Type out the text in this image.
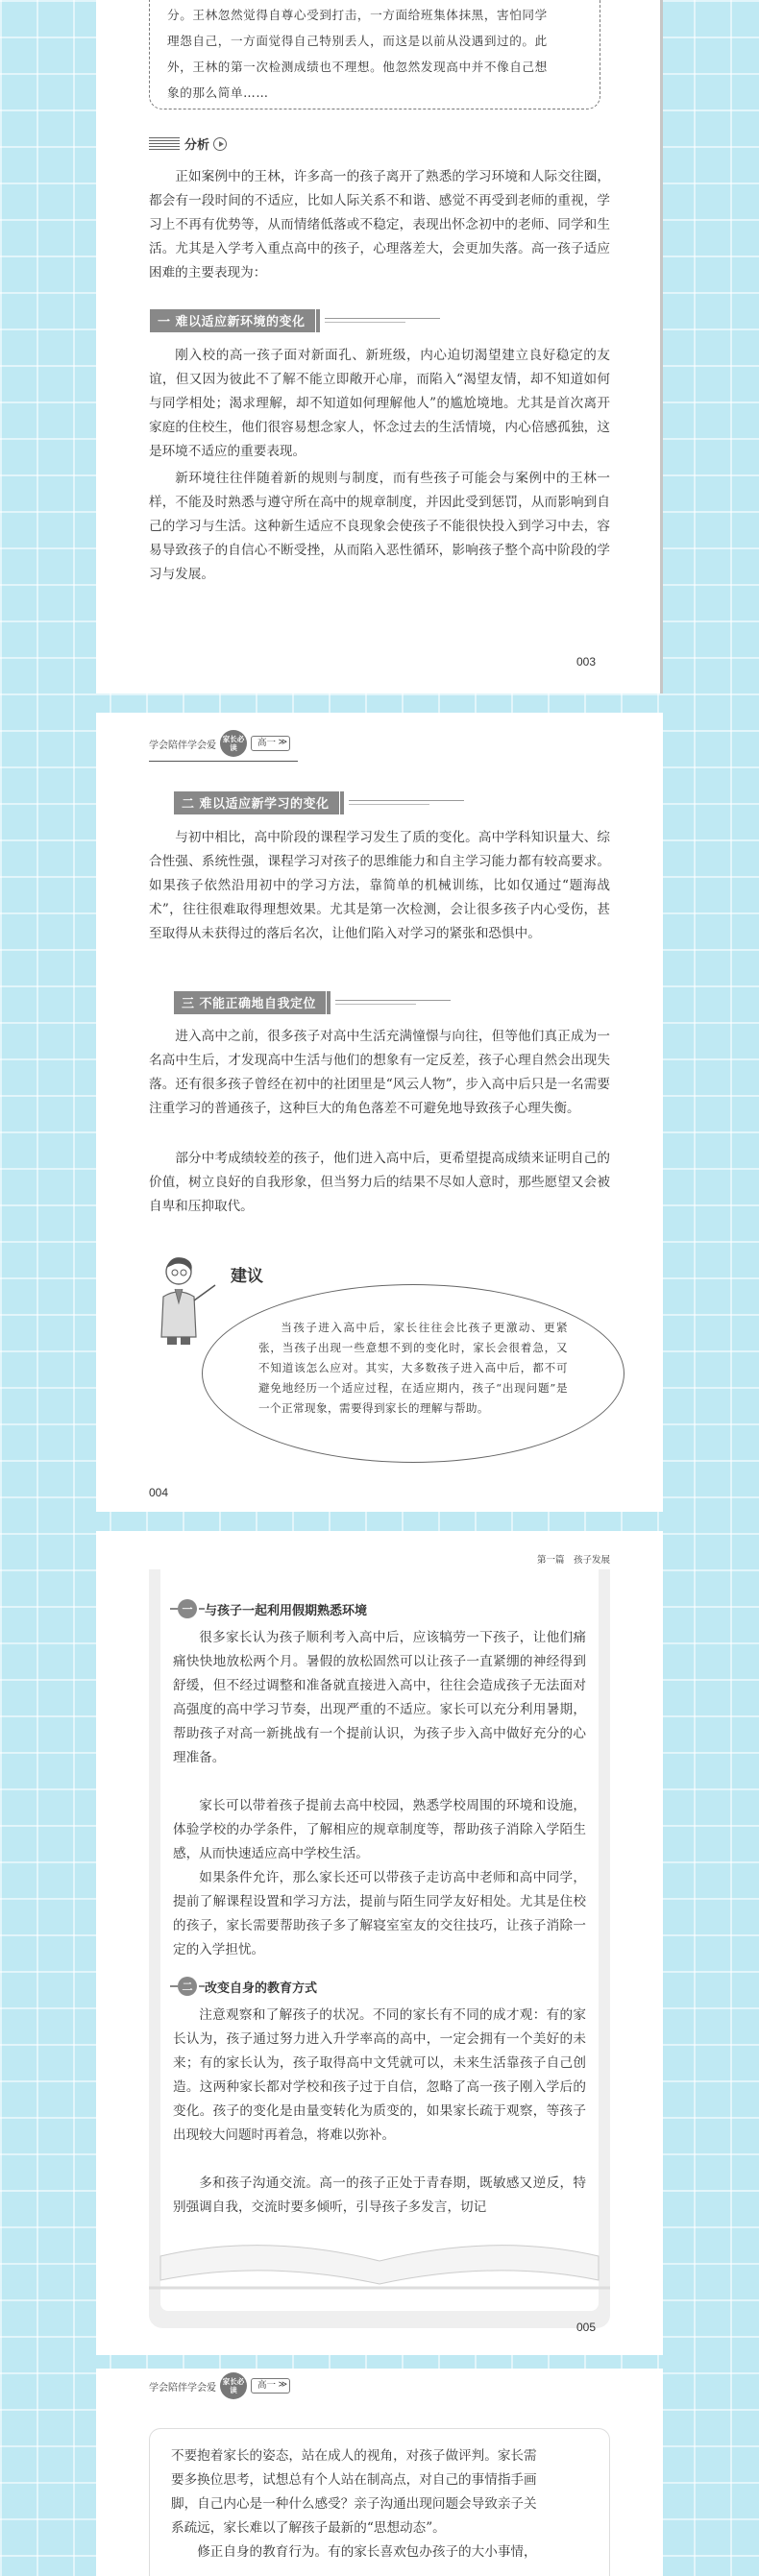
分。王林忽然觉得自尊心受到打击，一方面给班集体抹黑，害怕同学

理怨自己，一方面觉得自己特别丢人，而这是以前从没遇到过的。此

外，王林的第一次检测成绩也不理想。他忽然发现高中并不像自己想

象的那么简单……

分析

正如案例中的王林，许多高一的孩子离开了熟悉的学习环境和人际交往圈，都会有一段时间的不适应，比如人际关系不和谐、感觉不再受到老师的重视，学习上不再有优势等，从而情绪低落或不稳定，表现出怀念初中的老师、同学和生活。尤其是入学考入重点高中的孩子，心理落差大，会更加失落。高一孩子适应困难的主要表现为：

一 难以适应新环境的变化

刚入校的高一孩子面对新面孔、新班级，内心迫切渴望建立良好稳定的友谊，但又因为彼此不了解不能立即敞开心扉，而陷入“渴望友情，却不知道如何与同学相处；渴求理解，却不知道如何理解他人”的尴尬境地。尤其是首次离开家庭的住校生，他们很容易想念家人，怀念过去的生活情境，内心倍感孤独，这是环境不适应的重要表现。

新环境往往伴随着新的规则与制度，而有些孩子可能会与案例中的王林一样，不能及时熟悉与遵守所在高中的规章制度，并因此受到惩罚，从而影响到自己的学习与生活。这种新生适应不良现象会使孩子不能很快投入到学习中去，容易导致孩子的自信心不断受挫，从而陷入恶性循环，影响孩子整个高中阶段的学习与发展。

003
学会陪伴学会爱
家长必读	高一 ≫
二 难以适应新学习的变化

与初中相比，高中阶段的课程学习发生了质的变化。高中学科知识量大、综合性强、系统性强，课程学习对孩子的思维能力和自主学习能力都有较高要求。如果孩子依然沿用初中的学习方法，靠简单的机械训练，比如仅通过“题海战术”，往往很难取得理想效果。尤其是第一次检测，会让很多孩子内心受伤，甚至取得从未获得过的落后名次，让他们陷入对学习的紧张和恐惧中。

三 不能正确地自我定位

进入高中之前，很多孩子对高中生活充满憧憬与向往，但等他们真正成为一名高中生后，才发现高中生活与他们的想象有一定反差，孩子心理自然会出现失落。还有很多孩子曾经在初中的社团里是“风云人物”，步入高中后只是一名需要注重学习的普通孩子，这种巨大的角色落差不可避免地导致孩子心理失衡。

部分中考成绩较差的孩子，他们进入高中后，更希望提高成绩来证明自己的价值，树立良好的自我形象，但当努力后的结果不尽如人意时，那些愿望又会被自卑和压抑取代。

建议

当孩子进入高中后，家长往往会比孩子更激动、更紧张，当孩子出现一些意想不到的变化时，家长会很着急，又不知道该怎么应对。其实，大多数孩子进入高中后，都不可避免地经历一个适应过程，在适应期内，孩子“出现问题”是一个正常现象，需要得到家长的理解与帮助。

004
第一篇　孩子发展
一 与孩子一起利用假期熟悉环境

很多家长认为孩子顺利考入高中后，应该犒劳一下孩子，让他们痛痛快快地放松两个月。暑假的放松固然可以让孩子一直紧绷的神经得到舒缓，但不经过调整和准备就直接进入高中，往往会造成孩子无法面对高强度的高中学习节奏，出现严重的不适应。家长可以充分利用暑期，帮助孩子对高一新挑战有一个提前认识，为孩子步入高中做好充分的心理准备。

家长可以带着孩子提前去高中校园，熟悉学校周围的环境和设施，体验学校的办学条件，了解相应的规章制度等，帮助孩子消除入学陌生感，从而快速适应高中学校生活。

如果条件允许，那么家长还可以带孩子走访高中老师和高中同学，提前了解课程设置和学习方法，提前与陌生同学友好相处。尤其是住校的孩子，家长需要帮助孩子多了解寝室室友的交往技巧，让孩子消除一定的入学担忧。

二 改变自身的教育方式

注意观察和了解孩子的状况。不同的家长有不同的成才观：有的家长认为，孩子通过努力进入升学率高的高中，一定会拥有一个美好的未来；有的家长认为，孩子取得高中文凭就可以，未来生活靠孩子自己创造。这两种家长都对学校和孩子过于自信，忽略了高一孩子刚入学后的变化。孩子的变化是由量变转化为质变的，如果家长疏于观察，等孩子出现较大问题时再着急，将难以弥补。

多和孩子沟通交流。高一的孩子正处于青春期，既敏感又逆反，特别强调自我，交流时要多倾听，引导孩子多发言，切记

005
学会陪伴学会爱
家长必读	高一 ≫

不要抱着家长的姿态，站在成人的视角，对孩子做评判。家长需

要多换位思考，试想总有个人站在制高点，对自己的事情指手画

脚，自己内心是一种什么感受？亲子沟通出现问题会导致亲子关

系疏远，家长难以了解孩子最新的“思想动态”。

修正自身的教育行为。有的家长喜欢包办孩子的大小事情，
